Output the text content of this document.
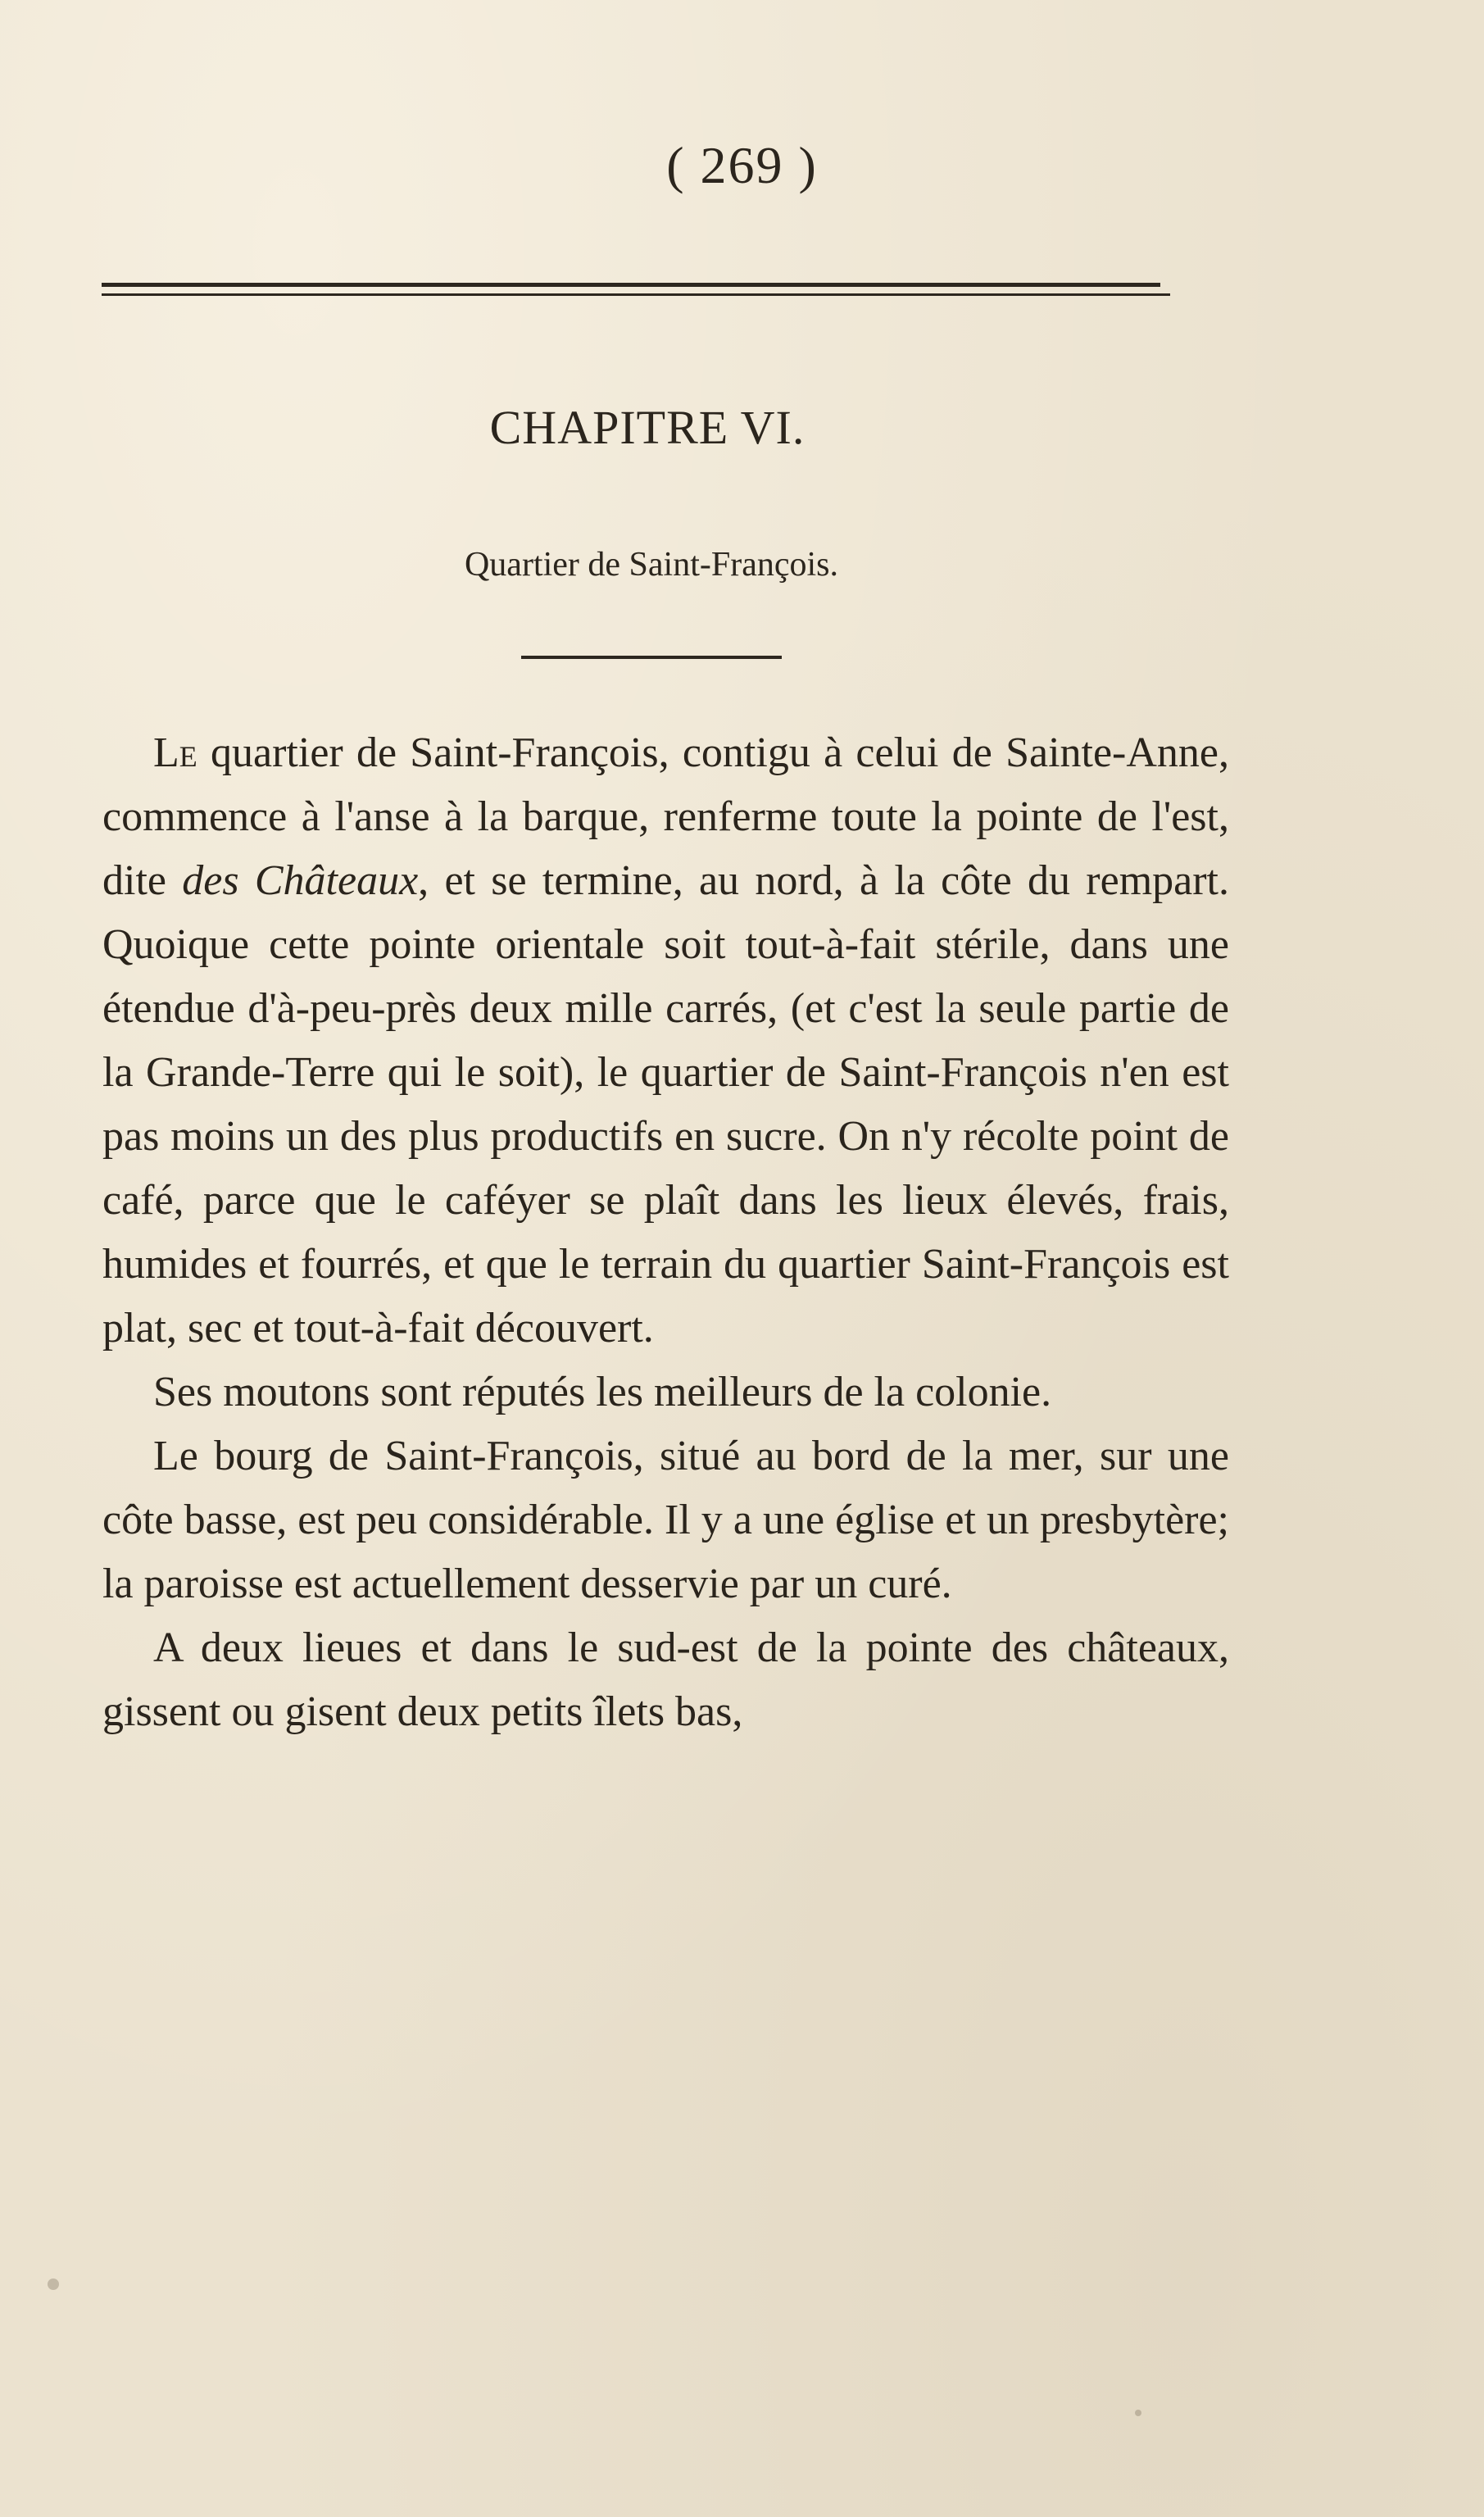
( 269 )
CHAPITRE VI.
Quartier de Saint-François.

Le quartier de Saint-François, contigu à celui de Sainte-Anne, commence à l'anse à la barque, renferme toute la pointe de l'est, dite des Châteaux, et se termine, au nord, à la côte du rempart. Quoique cette pointe orientale soit tout-à-fait stérile, dans une étendue d'à-peu-près deux mille carrés, (et c'est la seule partie de la Grande-Terre qui le soit), le quartier de Saint-François n'en est pas moins un des plus productifs en sucre. On n'y récolte point de café, parce que le caféyer se plaît dans les lieux élevés, frais, humides et fourrés, et que le terrain du quartier Saint-François est plat, sec et tout-à-fait découvert.

Ses moutons sont réputés les meilleurs de la colonie.

Le bourg de Saint-François, situé au bord de la mer, sur une côte basse, est peu considérable. Il y a une église et un presbytère; la paroisse est actuellement desservie par un curé.

A deux lieues et dans le sud-est de la pointe des châteaux, gissent ou gisent deux petits îlets bas,
